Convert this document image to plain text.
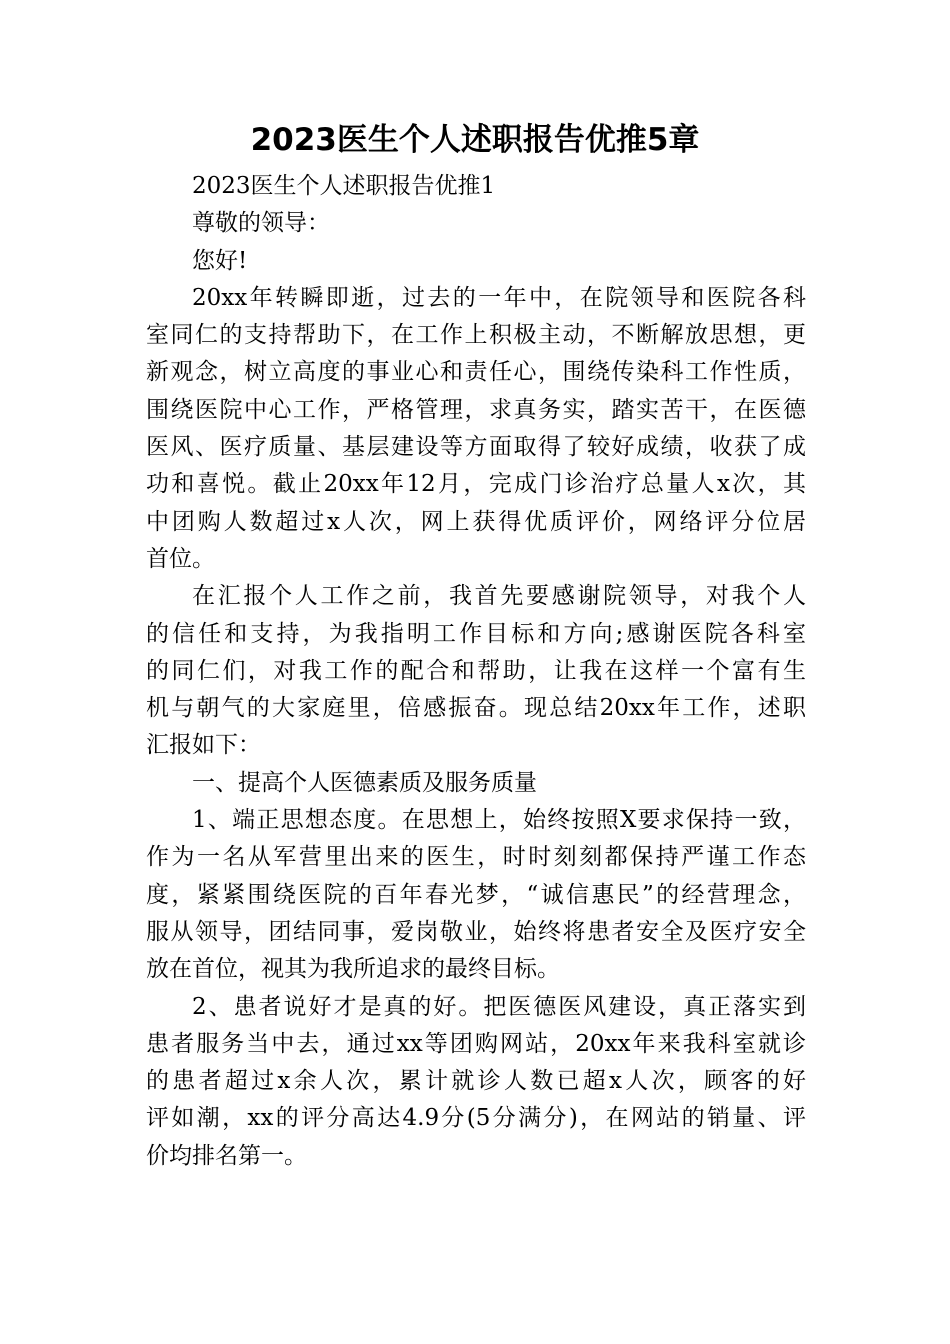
2023医生个人述职报告优推5章

2023医生个人述职报告优推1

尊敬的领导：

您好!

20xx年转瞬即逝，过去的一年中，在院领导和医院各科

室同仁的支持帮助下，在工作上积极主动，不断解放思想，更

新观念，树立高度的事业心和责任心，围绕传染科工作性质，

围绕医院中心工作，严格管理，求真务实，踏实苦干，在医德

医风、医疗质量、基层建设等方面取得了较好成绩，收获了成

功和喜悦。截止20xx年12月，完成门诊治疗总量人x次，其

中团购人数超过x人次，网上获得优质评价，网络评分位居

首位。

在汇报个人工作之前，我首先要感谢院领导，对我个人

的信任和支持，为我指明工作目标和方向;感谢医院各科室

的同仁们，对我工作的配合和帮助，让我在这样一个富有生

机与朝气的大家庭里，倍感振奋。现总结20xx年工作，述职

汇报如下：

一、提高个人医德素质及服务质量

1、端正思想态度。在思想上，始终按照X要求保持一致，

作为一名从军营里出来的医生，时时刻刻都保持严谨工作态

度，紧紧围绕医院的百年春光梦，“诚信惠民”的经营理念，

服从领导，团结同事，爱岗敬业，始终将患者安全及医疗安全

放在首位，视其为我所追求的最终目标。

2、患者说好才是真的好。把医德医风建设，真正落实到

患者服务当中去，通过xx等团购网站，20xx年来我科室就诊

的患者超过x余人次，累计就诊人数已超x人次，顾客的好

评如潮，xx的评分高达4.9分(5分满分)，在网站的销量、评

价均排名第一。
